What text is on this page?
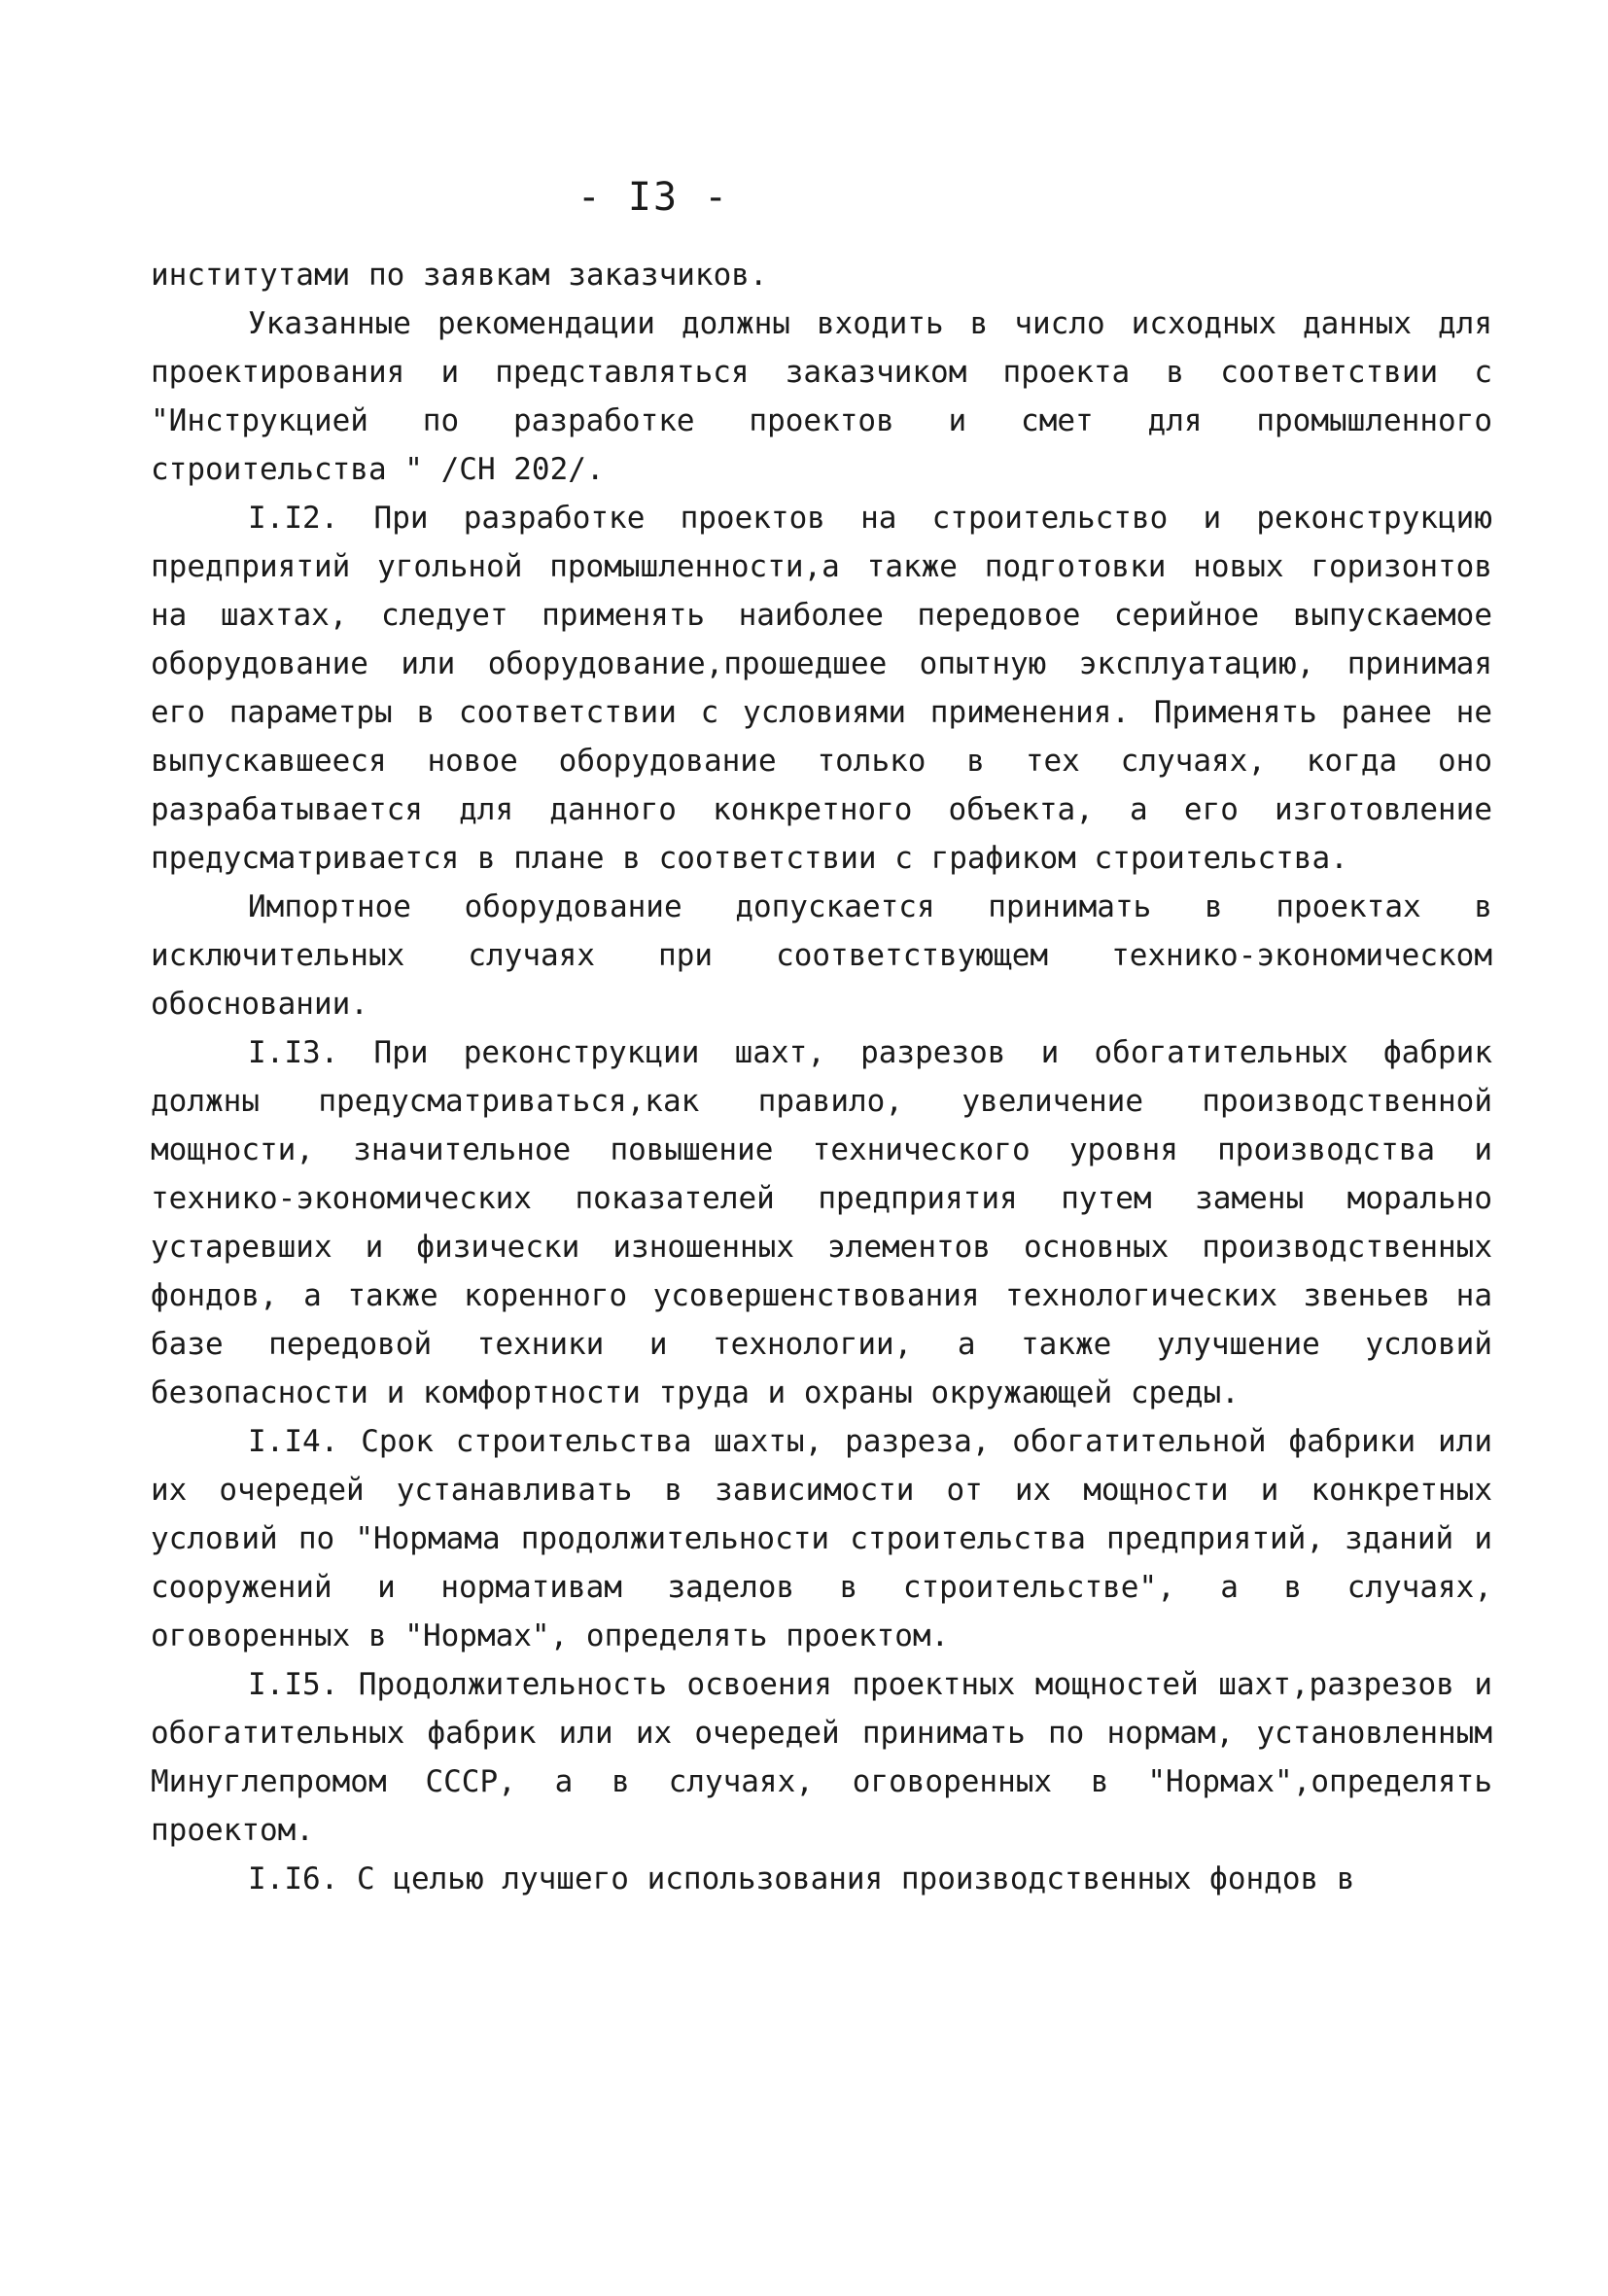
- I3 -

институтами по заявкам заказчиков.

Указанные рекомендации должны входить в число исходных данных для проектирования и представляться заказчиком проекта в соответствии с "Инструкцией по разработке проектов и смет для промышленного строительства " /СН 202/.

I.I2. При разработке проектов на строительство и реконструкцию предприятий угольной промышленности,а также подготовки новых горизонтов на шахтах, следует применять наиболее передовое серийное выпускаемое оборудование или оборудование,прошедшее опытную эксплуатацию, принимая его параметры в соответствии с условиями применения. Применять ранее не выпускавшееся новое оборудование только в тех случаях, когда оно разрабатывается для данного конкретного объекта, а его изготовление предусматривается в плане в соответствии с графиком строительства.

Импортное оборудование допускается принимать в проектах в исключительных случаях при соответствующем технико-экономическом обосновании.

I.I3. При реконструкции шахт, разрезов и обогатительных фабрик должны предусматриваться,как правило, увеличение производственной мощности, значительное повышение технического уровня производства и технико-экономических показателей предприятия путем замены морально устаревших и физически изношенных элементов основных производственных фондов, а также коренного усовершенствования технологических звеньев на базе передовой техники и технологии, а также улучшение условий безопасности и комфортности труда и охраны окружающей среды.

I.I4. Срок строительства шахты, разреза, обогатительной фабрики или их очередей устанавливать в зависимости от их мощности и конкретных условий по "Нормама продолжительности строительства предприятий, зданий и сооружений и нормативам заделов в строительстве", а в случаях, оговоренных в "Нормах", определять проектом.

I.I5. Продолжительность освоения проектных мощностей шахт,разрезов и обогатительных фабрик или их очередей принимать по нормам, установленным Минуглепромом СССР, а в случаях, оговоренных в "Нормах",определять проектом.

I.I6. С целью лучшего использования производственных фондов в
